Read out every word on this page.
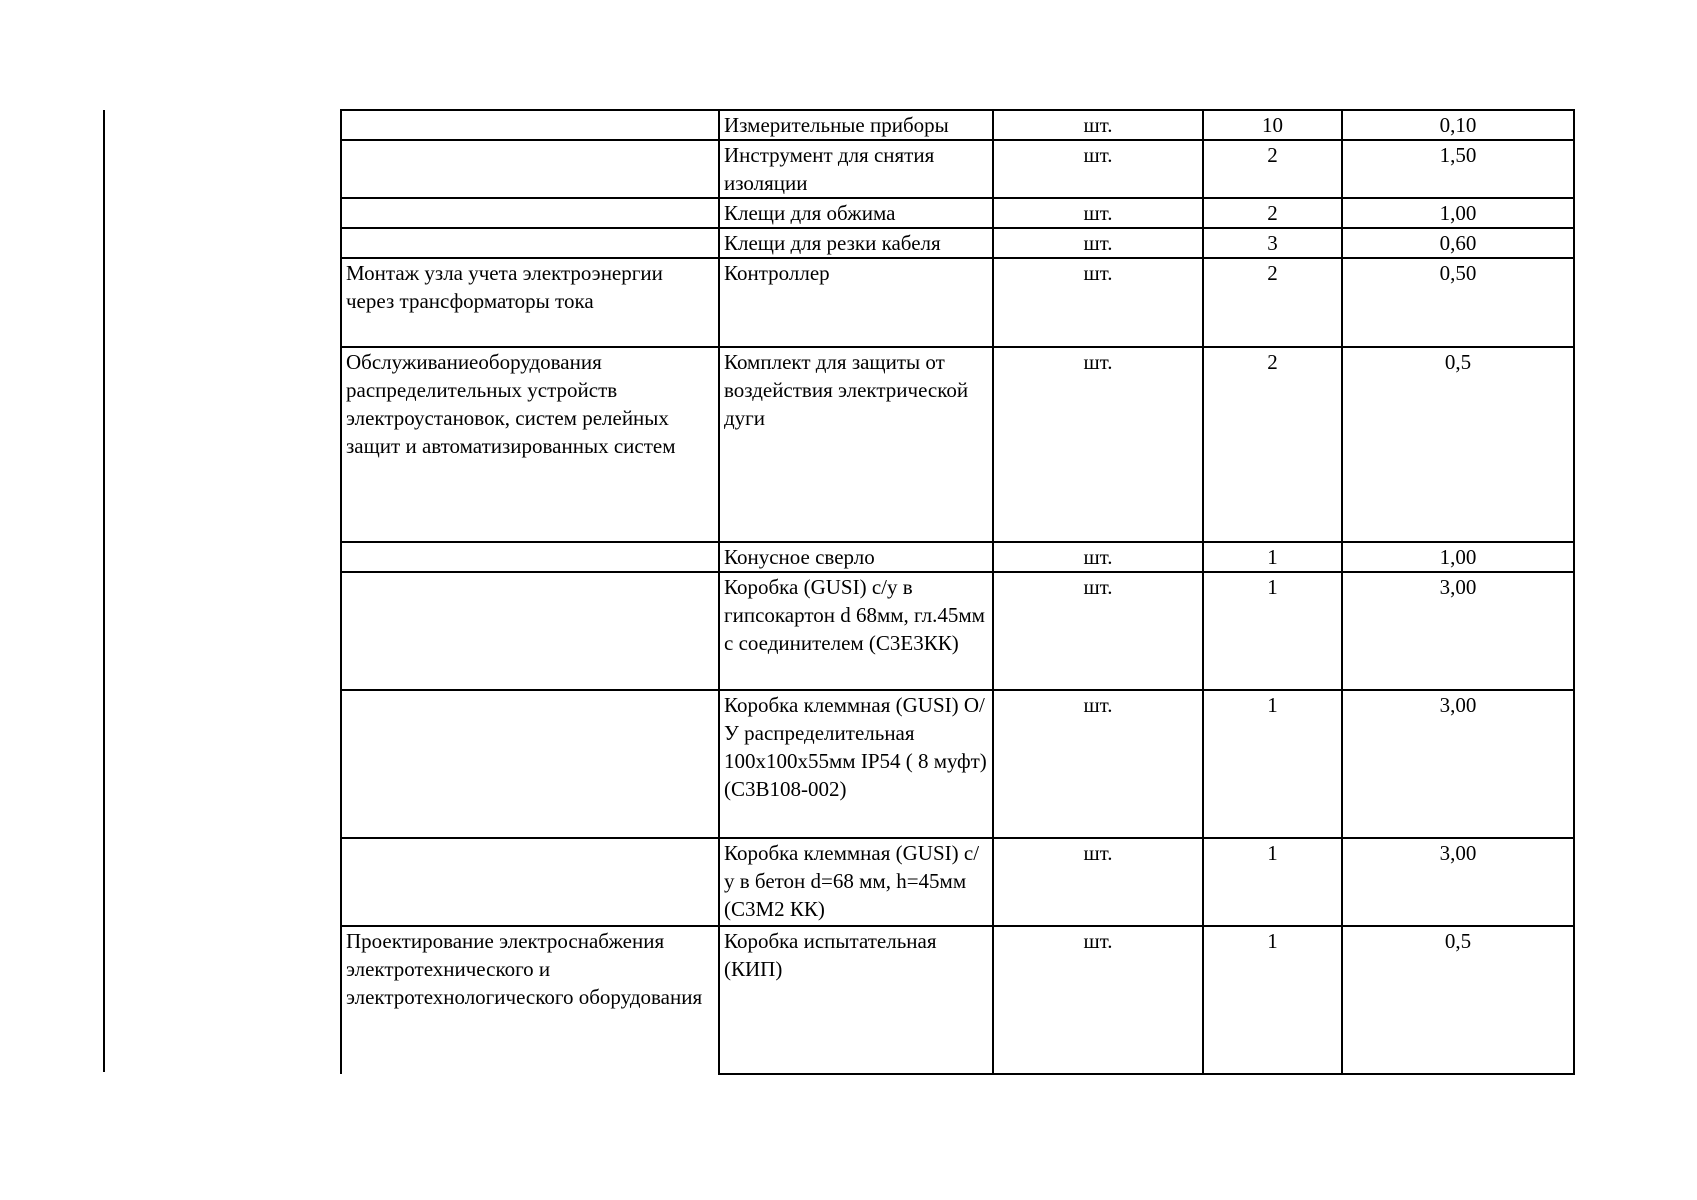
	Измерительные приборы	шт.	10	0,10
	Инструмент для снятия изоляции	шт.	2	1,50
	Клещи для обжима	шт.	2	1,00
	Клещи для резки кабеля	шт.	3	0,60
Монтаж узла учета электроэнергии через трансформаторы тока	Контроллер	шт.	2	0,50
Обслуживаниеоборудования распределительных устройств электроустановок, систем релейных защит и автоматизированных систем	Комплект для защиты от воздействия электрической дуги	шт.	2	0,5
	Конусное сверло	шт.	1	1,00
	Коробка (GUSI) с/у в гипсокартон d 68мм, гл.45мм с соединителем (С3Е3КК)	шт.	1	3,00
	Коробка клеммная (GUSI) О/У распределительная 100х100х55мм IP54 ( 8 муфт) (С3В108-002)	шт.	1	3,00
	Коробка клеммная (GUSI) с/у в бетон d=68 мм, h=45мм (С3М2 КК)	шт.	1	3,00
Проектирование электроснабжения электротехнического и электротехнологического оборудования	Коробка испытательная (КИП)	шт.	1	0,5
